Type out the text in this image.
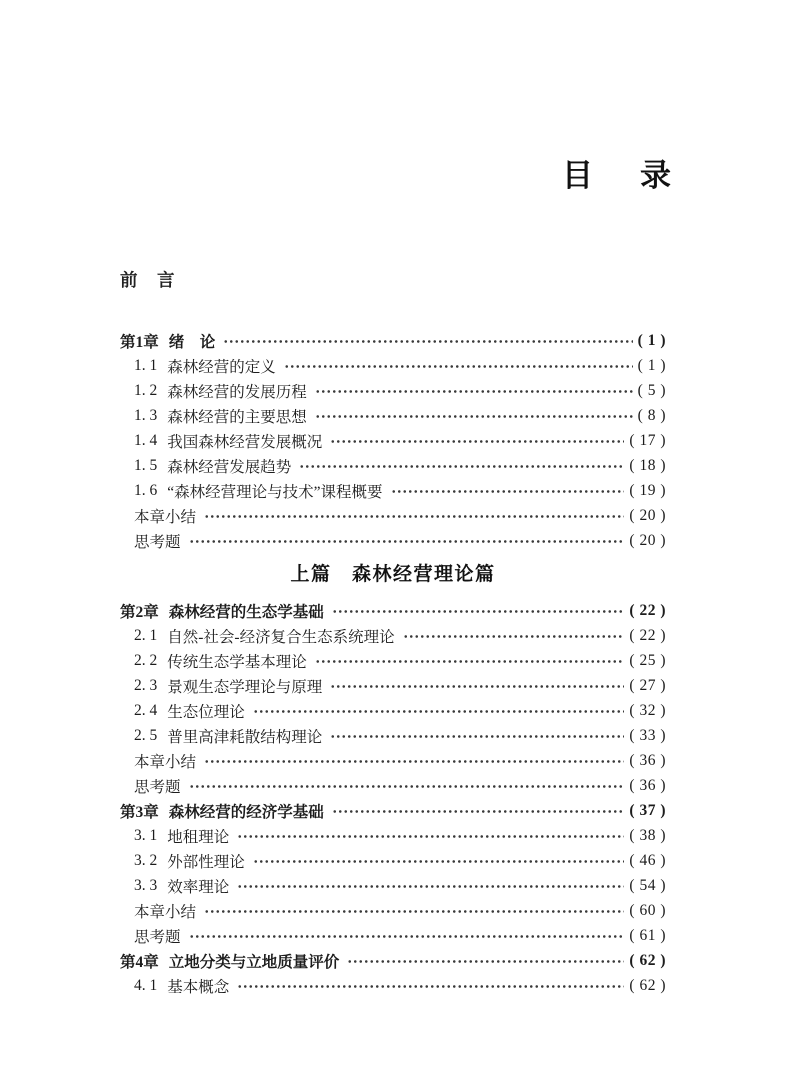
目　录
前　言
第1章 绪　论	( 1 )
1. 1 森林经营的定义	( 1 )
1. 2 森林经营的发展历程	( 5 )
1. 3 森林经营的主要思想	( 8 )
1. 4 我国森林经营发展概况	( 17 )
1. 5 森林经营发展趋势	( 18 )
1. 6 “森林经营理论与技术”课程概要	( 19 )
本章小结	( 20 )
思考题	( 20 )
上篇　森林经营理论篇
第2章 森林经营的生态学基础	( 22 )
2. 1 自然-社会-经济复合生态系统理论	( 22 )
2. 2 传统生态学基本理论	( 25 )
2. 3 景观生态学理论与原理	( 27 )
2. 4 生态位理论	( 32 )
2. 5 普里高津耗散结构理论	( 33 )
本章小结	( 36 )
思考题	( 36 )
第3章 森林经营的经济学基础	( 37 )
3. 1 地租理论	( 38 )
3. 2 外部性理论	( 46 )
3. 3 效率理论	( 54 )
本章小结	( 60 )
思考题	( 61 )
第4章 立地分类与立地质量评价	( 62 )
4. 1 基本概念	( 62 )
